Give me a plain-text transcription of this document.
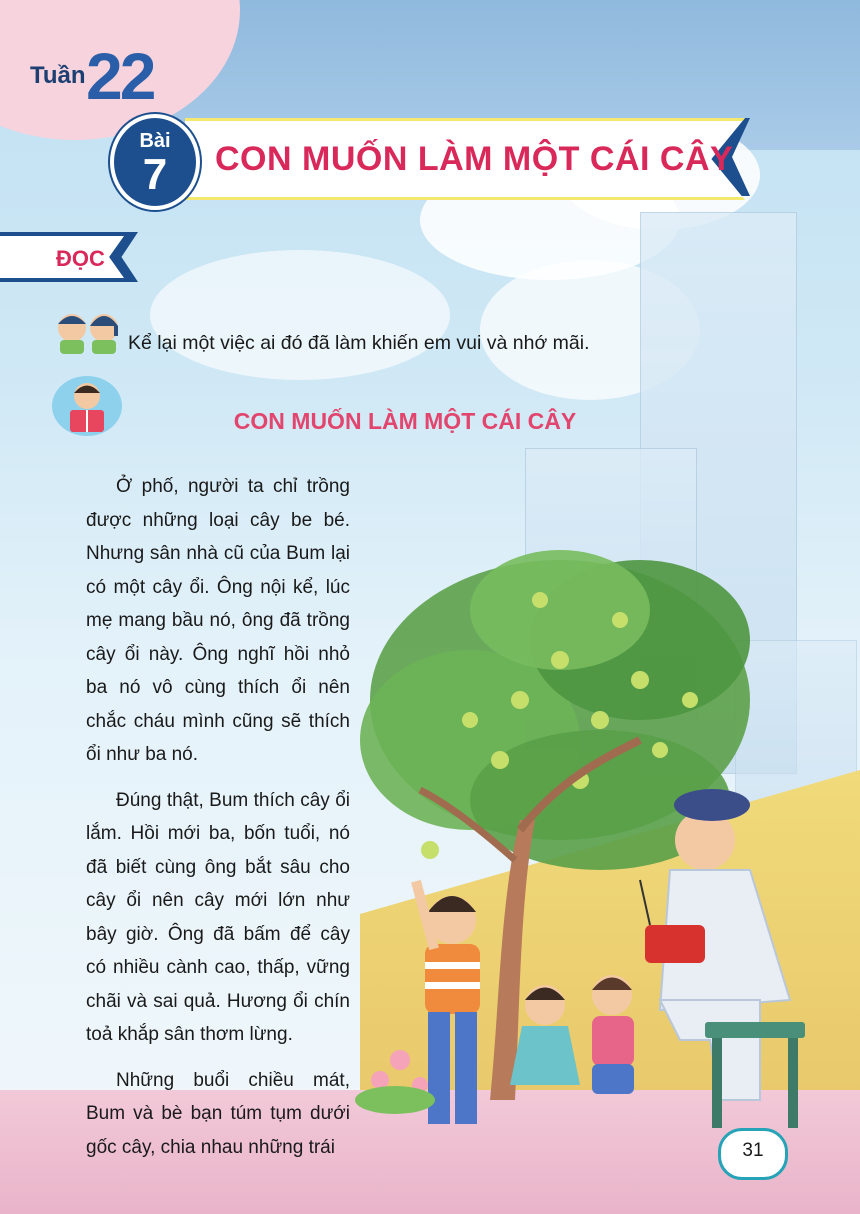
Tuần 22
CON MUỐN LÀM MỘT CÁI CÂY
Bài
7
ĐỌC
Kể lại một việc ai đó đã làm khiến em vui và nhớ mãi.
CON MUỐN LÀM MỘT CÁI CÂY

Ở phố, người ta chỉ trồng được những loại cây be bé. Nhưng sân nhà cũ của Bum lại có một cây ổi. Ông nội kể, lúc mẹ mang bầu nó, ông đã trồng cây ổi này. Ông nghĩ hồi nhỏ ba nó vô cùng thích ổi nên chắc cháu mình cũng sẽ thích ổi như ba nó.

Đúng thật, Bum thích cây ổi lắm. Hồi mới ba, bốn tuổi, nó đã biết cùng ông bắt sâu cho cây ổi nên cây mới lớn như bây giờ. Ông đã bấm để cây có nhiều cành cao, thấp, vững chãi và sai quả. Hương ổi chín toả khắp sân thơm lừng.

Những buổi chiều mát, Bum và bè bạn túm tụm dưới gốc cây, chia nhau những trái	31
